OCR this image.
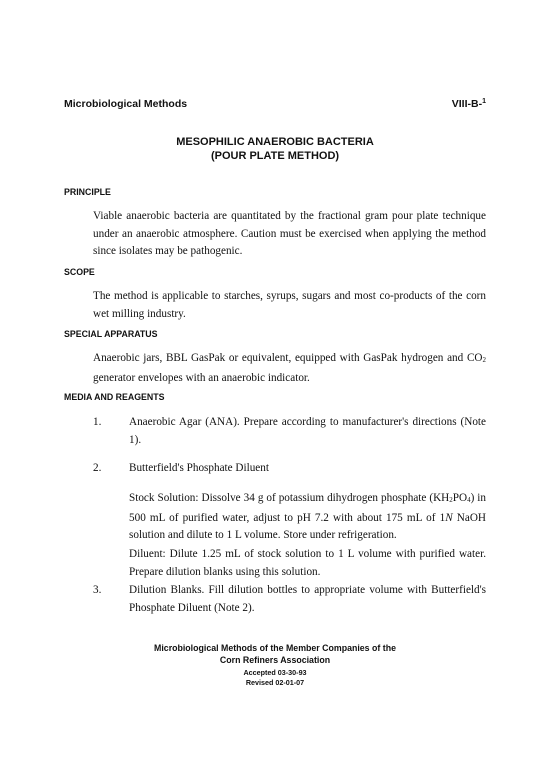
Microbiological Methods	VIII-B-$^1$
MESOPHILIC ANAEROBIC BACTERIA
(POUR PLATE METHOD)
PRINCIPLE
Viable anaerobic bacteria are quantitated by the fractional gram pour plate technique under an anaerobic atmosphere. Caution must be exercised when applying the method since isolates may be pathogenic.
SCOPE
The method is applicable to starches, syrups, sugars and most co-products of the corn wet milling industry.
SPECIAL APPARATUS
Anaerobic jars, BBL GasPak or equivalent, equipped with GasPak hydrogen and $CO_2$ generator envelopes with an anaerobic indicator.
MEDIA AND REAGENTS
1. Anaerobic Agar (ANA). Prepare according to manufacturer's directions (Note 1).
2. Butterfield's Phosphate Diluent
Stock Solution: Dissolve 34 g of potassium dihydrogen phosphate $(KH_2PO_4)$ in 500 mL of purified water, adjust to pH 7.2 with about 175 mL of 1N NaOH solution and dilute to 1 L volume. Store under refrigeration.
Diluent: Dilute 1.25 mL of stock solution to 1 L volume with purified water. Prepare dilution blanks using this solution.
3. Dilution Blanks. Fill dilution bottles to appropriate volume with Butterfield's Phosphate Diluent (Note 2).
Microbiological Methods of the Member Companies of the
Corn Refiners Association
Accepted 03-30-93
Revised 02-01-07
